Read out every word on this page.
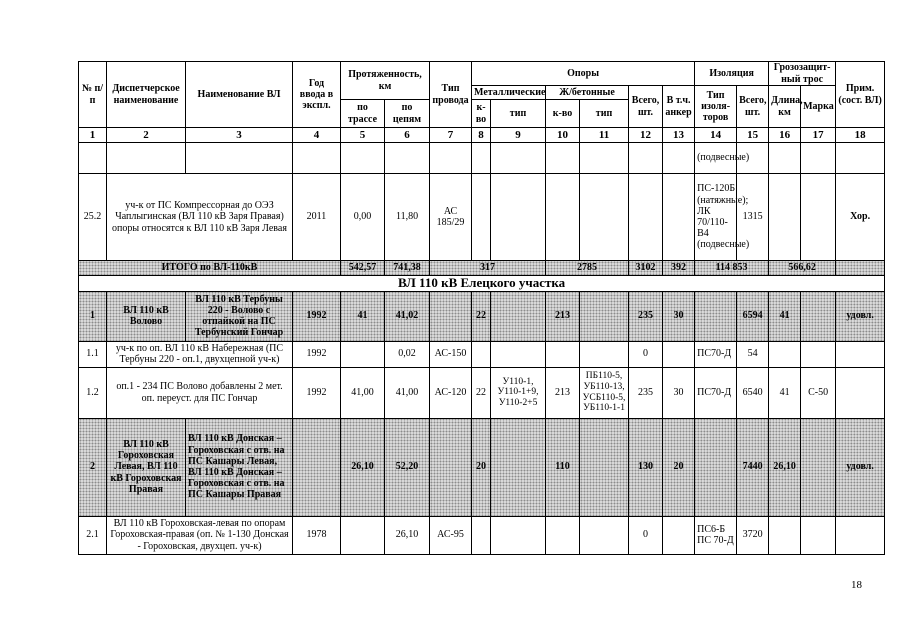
№ п/п	Диспетчерское наименование	Наименование ВЛ	Год ввода в экспл.	Протяженность, км		Тип провода	Опоры						Изоляция		Грозозащит-ный трос		Прим. (сост. ВЛ)
							Металлические		Ж/бетонные		Всего, шт.	В т.ч. анкер	Тип изоля-торов	Всего, шт.	Длина, км	Марка	
				по трассе	по цепям		к-во	тип	к-во	тип							
1	2	3	4	5	6	7	8	9	10	11	12	13	14	15	16	17	18
													(подвесные)				
25.2	уч-к от ПС Компрессорная до ОЭЗ Чаплыгинская (ВЛ 110 кВ Заря Правая) опоры относятся к ВЛ 110 кВ Заря Левая		2011	0,00	11,80	АС 185/29							ПС-120Б (натяжные); ЛК 70/110-В4 (подвесные)	1315			Хор.
ИТОГО по ВЛ-110кВ				542,57	741,38	317			2785		3102	392	114 853		566,62		
ВЛ 110 кВ Елецкого участка																	
1	ВЛ 110 кВ Волово	ВЛ 110 кВ Тербуны 220 - Волово с отпайкой на ПС Тербунский Гончар	1992	41	41,02		22		213		235	30		6594	41		удовл.
1.1	уч-к по оп. ВЛ 110 кВ Набережная (ПС Тербуны 220 - оп.1, двухцепной уч-к)		1992		0,02	АС-150					0		ПС70-Д	54			
1.2	оп.1 - 234 ПС Волово добавлены 2 мет. оп. переуст. для ПС Гончар		1992	41,00	41,00	АС-120	22	У110-1, У110-1+9, У110-2+5	213	ПБ110-5, УБ110-13, УСБ110-5, УБ110-1-1	235	30	ПС70-Д	6540	41	С-50	
2	ВЛ 110 кВ Гороховская Левая, ВЛ 110 кВ Гороховская Правая	ВЛ 110 кВ Донская – Гороховская с отв. на ПС Кашары Левая, ВЛ 110 кВ Донская – Гороховская с отв. на ПС Кашары Правая		26,10	52,20		20		110		130	20		7440	26,10		удовл.
2.1	ВЛ 110 кВ Гороховская-левая по опорам Гороховская-правая (оп. № 1-130 Донская - Гороховская, двухцеп. уч-к)		1978		26,10	АС-95					0		ПС6-Б ПС 70-Д	3720			
18
